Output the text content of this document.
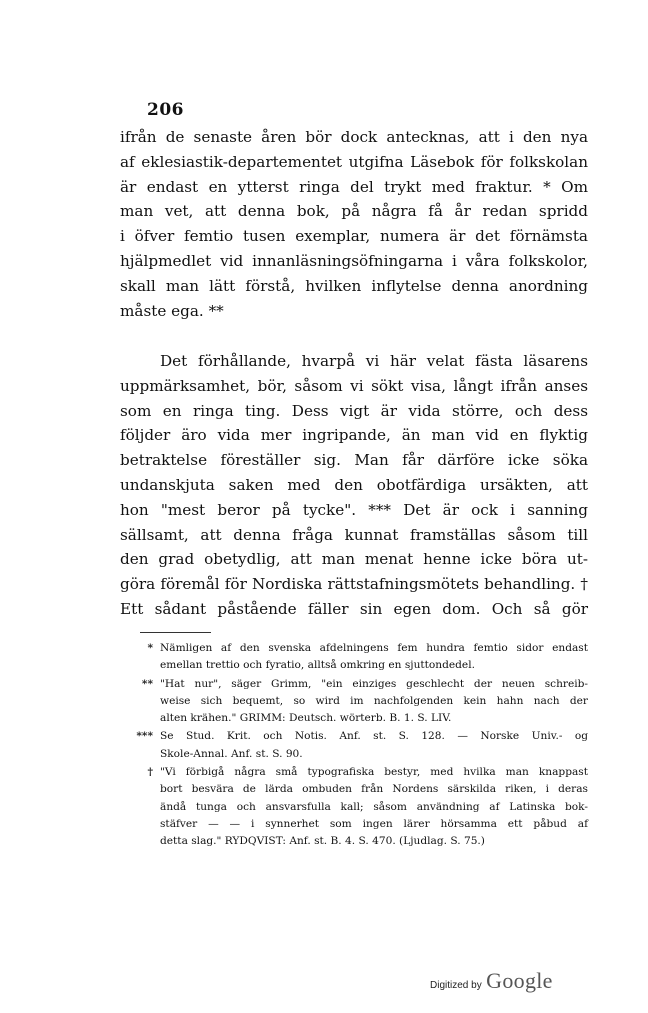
206
ifrån de senaste åren bör dock antecknas, att i den nya
af eklesiastik-departementet utgifna Läsebok för folkskolan
är endast en ytterst ringa del trykt med fraktur. * Om
man vet, att denna bok, på några få år redan spridd
i öfver femtio tusen exemplar, numera är det förnämsta
hjälpmedlet vid innanläsningsöfningarna i våra folkskolor,
skall man lätt förstå, hvilken inflytelse denna anordning
måste ega. **
Det förhållande, hvarpå vi här velat fästa läsarens
uppmärksamhet, bör, såsom vi sökt visa, långt ifrån anses
som en ringa ting. Dess vigt är vida större, och dess
följder äro vida mer ingripande, än man vid en flyktig
betraktelse föreställer sig. Man får därföre icke söka
undanskjuta saken med den obotfärdiga ursäkten, att
hon "mest beror på tycke". *** Det är ock i sanning
sällsamt, att denna fråga kunnat framställas såsom till
den grad obetydlig, att man menat henne icke böra ut-
göra föremål för Nordiska rättstafningsmötets behandling. †
Ett sådant påstående fäller sin egen dom. Och så gör
* Nämligen af den svenska afdelningens fem hundra femtio sidor endast
emellan trettio och fyratio, alltså omkring en sjuttondedel.
** "Hat nur", säger Grimm, "ein einziges geschlecht der neuen schreib-
weise sich bequemt, so wird im nachfolgenden kein hahn nach der
alten krähen." GRIMM: Deutsch. wörterb. B. 1. S. LIV.
*** Se Stud. Krit. och Notis. Anf. st. S. 128. — Norske Univ.- og
Skole-Annal. Anf. st. S. 90.
† "Vi förbigå några små typografiska bestyr, med hvilka man knappast
bort besvära de lärda ombuden från Nordens särskilda riken, i deras
ändå tunga och ansvarsfulla kall; såsom användning af Latinska bok-
stäfver — — i synnerhet som ingen lärer hörsamma ett påbud af
detta slag." RYDQVIST: Anf. st. B. 4. S. 470. (Ljudlag. S. 75.)
Digitized by Google
